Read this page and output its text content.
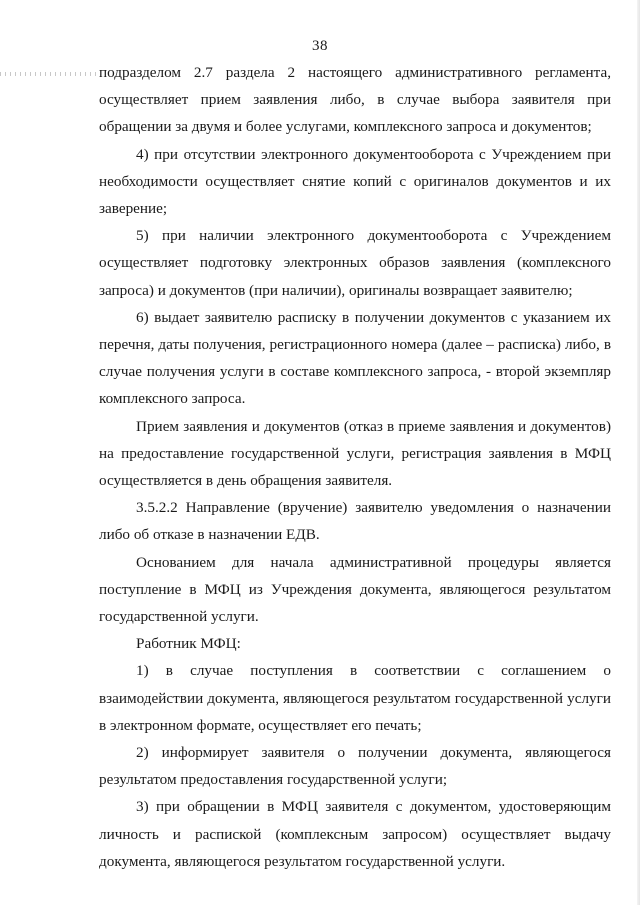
38

подразделом 2.7 раздела 2 настоящего административного регламента, осуществляет прием заявления либо, в случае выбора заявителя при обращении за двумя и более услугами, комплексного запроса и документов;

4) при отсутствии электронного документооборота с Учреждением при необходимости осуществляет снятие копий с оригиналов документов и их заверение;

5) при наличии электронного документооборота с Учреждением осуществляет подготовку электронных образов заявления (комплексного запроса) и документов (при наличии), оригиналы возвращает заявителю;

6) выдает заявителю расписку в получении документов с указанием их перечня, даты получения, регистрационного номера (далее – расписка) либо, в случае получения услуги в составе комплексного запроса, - второй экземпляр комплексного запроса.

Прием заявления и документов (отказ в приеме заявления и документов) на предоставление государственной услуги, регистрация заявления в МФЦ осуществляется в день обращения заявителя.

3.5.2.2 Направление (вручение) заявителю уведомления о назначении либо об отказе в назначении ЕДВ.

Основанием для начала административной процедуры является поступление в МФЦ из Учреждения документа, являющегося результатом государственной услуги.

Работник МФЦ:

1) в случае поступления в соответствии с соглашением о взаимодействии документа, являющегося результатом государственной услуги в электронном формате, осуществляет его печать;

2) информирует заявителя о получении документа, являющегося результатом предоставления государственной услуги;

3) при обращении в МФЦ заявителя с документом, удостоверяющим личность и распиской (комплексным запросом) осуществляет выдачу документа, являющегося результатом государственной услуги.
